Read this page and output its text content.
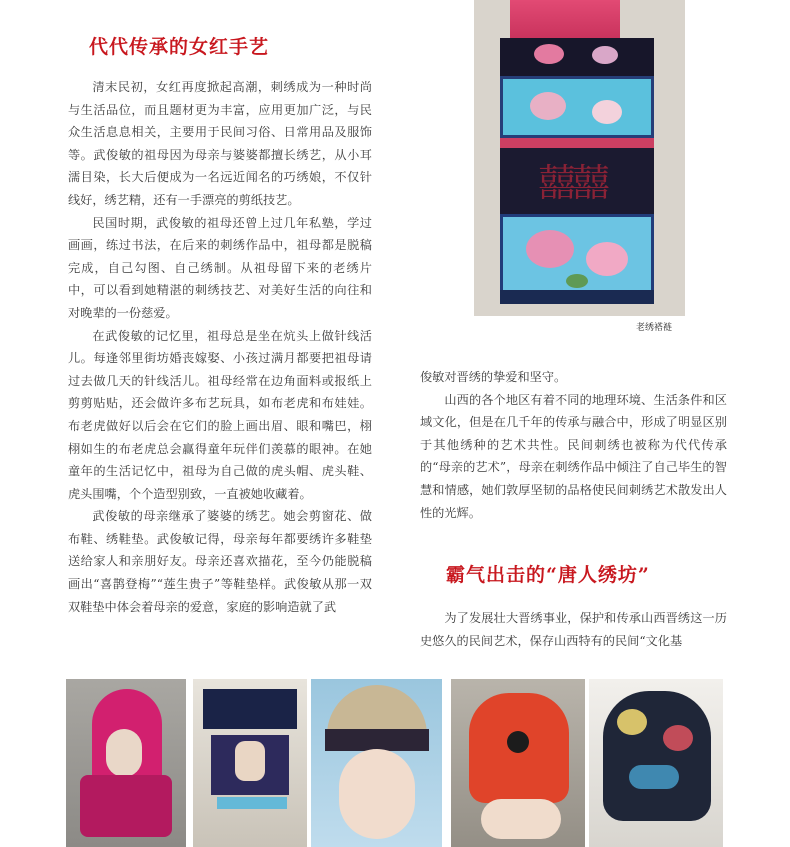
代代传承的女红手艺

清末民初，女红再度掀起高潮，刺绣成为一种时尚与生活品位，而且题材更为丰富，应用更加广泛，与民众生活息息相关，主要用于民间习俗、日常用品及服饰等。武俊敏的祖母因为母亲与婆婆都擅长绣艺，从小耳濡目染，长大后便成为一名远近闻名的巧绣娘，不仅针线好，绣艺精，还有一手漂亮的剪纸技艺。

民国时期，武俊敏的祖母还曾上过几年私塾，学过画画，练过书法，在后来的刺绣作品中，祖母都是脱稿完成，自己勾图、自己绣制。从祖母留下来的老绣片中，可以看到她精湛的刺绣技艺、对美好生活的向往和对晚辈的一份慈爱。

在武俊敏的记忆里，祖母总是坐在炕头上做针线活儿。每逢邻里街坊婚丧嫁娶、小孩过满月都要把祖母请过去做几天的针线活儿。祖母经常在边角面料或报纸上剪剪贴贴，还会做许多布艺玩具，如布老虎和布娃娃。布老虎做好以后会在它们的脸上画出眉、眼和嘴巴，栩栩如生的布老虎总会赢得童年玩伴们羡慕的眼神。在她童年的生活记忆中，祖母为自己做的虎头帽、虎头鞋、虎头围嘴，个个造型别致，一直被她收藏着。

武俊敏的母亲继承了婆婆的绣艺。她会剪窗花、做布鞋、绣鞋垫。武俊敏记得，母亲每年都要绣许多鞋垫送给家人和亲朋好友。母亲还喜欢描花，至今仍能脱稿画出“喜鹊登梅”“莲生贵子”等鞋垫样。武俊敏从那一双双鞋垫中体会着母亲的爱意，家庭的影响造就了武

囍囍
老绣褡裢

俊敏对晋绣的挚爱和坚守。

山西的各个地区有着不同的地理环境、生活条件和区域文化，但是在几千年的传承与融合中，形成了明显区别于其他绣种的艺术共性。民间刺绣也被称为代代传承的“母亲的艺术”，母亲在刺绣作品中倾注了自己毕生的智慧和情感，她们敦厚坚韧的品格使民间刺绣艺术散发出人性的光辉。

霸气出击的“唐人绣坊”

为了发展壮大晋绣事业，保护和传承山西晋绣这一历史悠久的民间艺术，保存山西特有的民间“文化基
